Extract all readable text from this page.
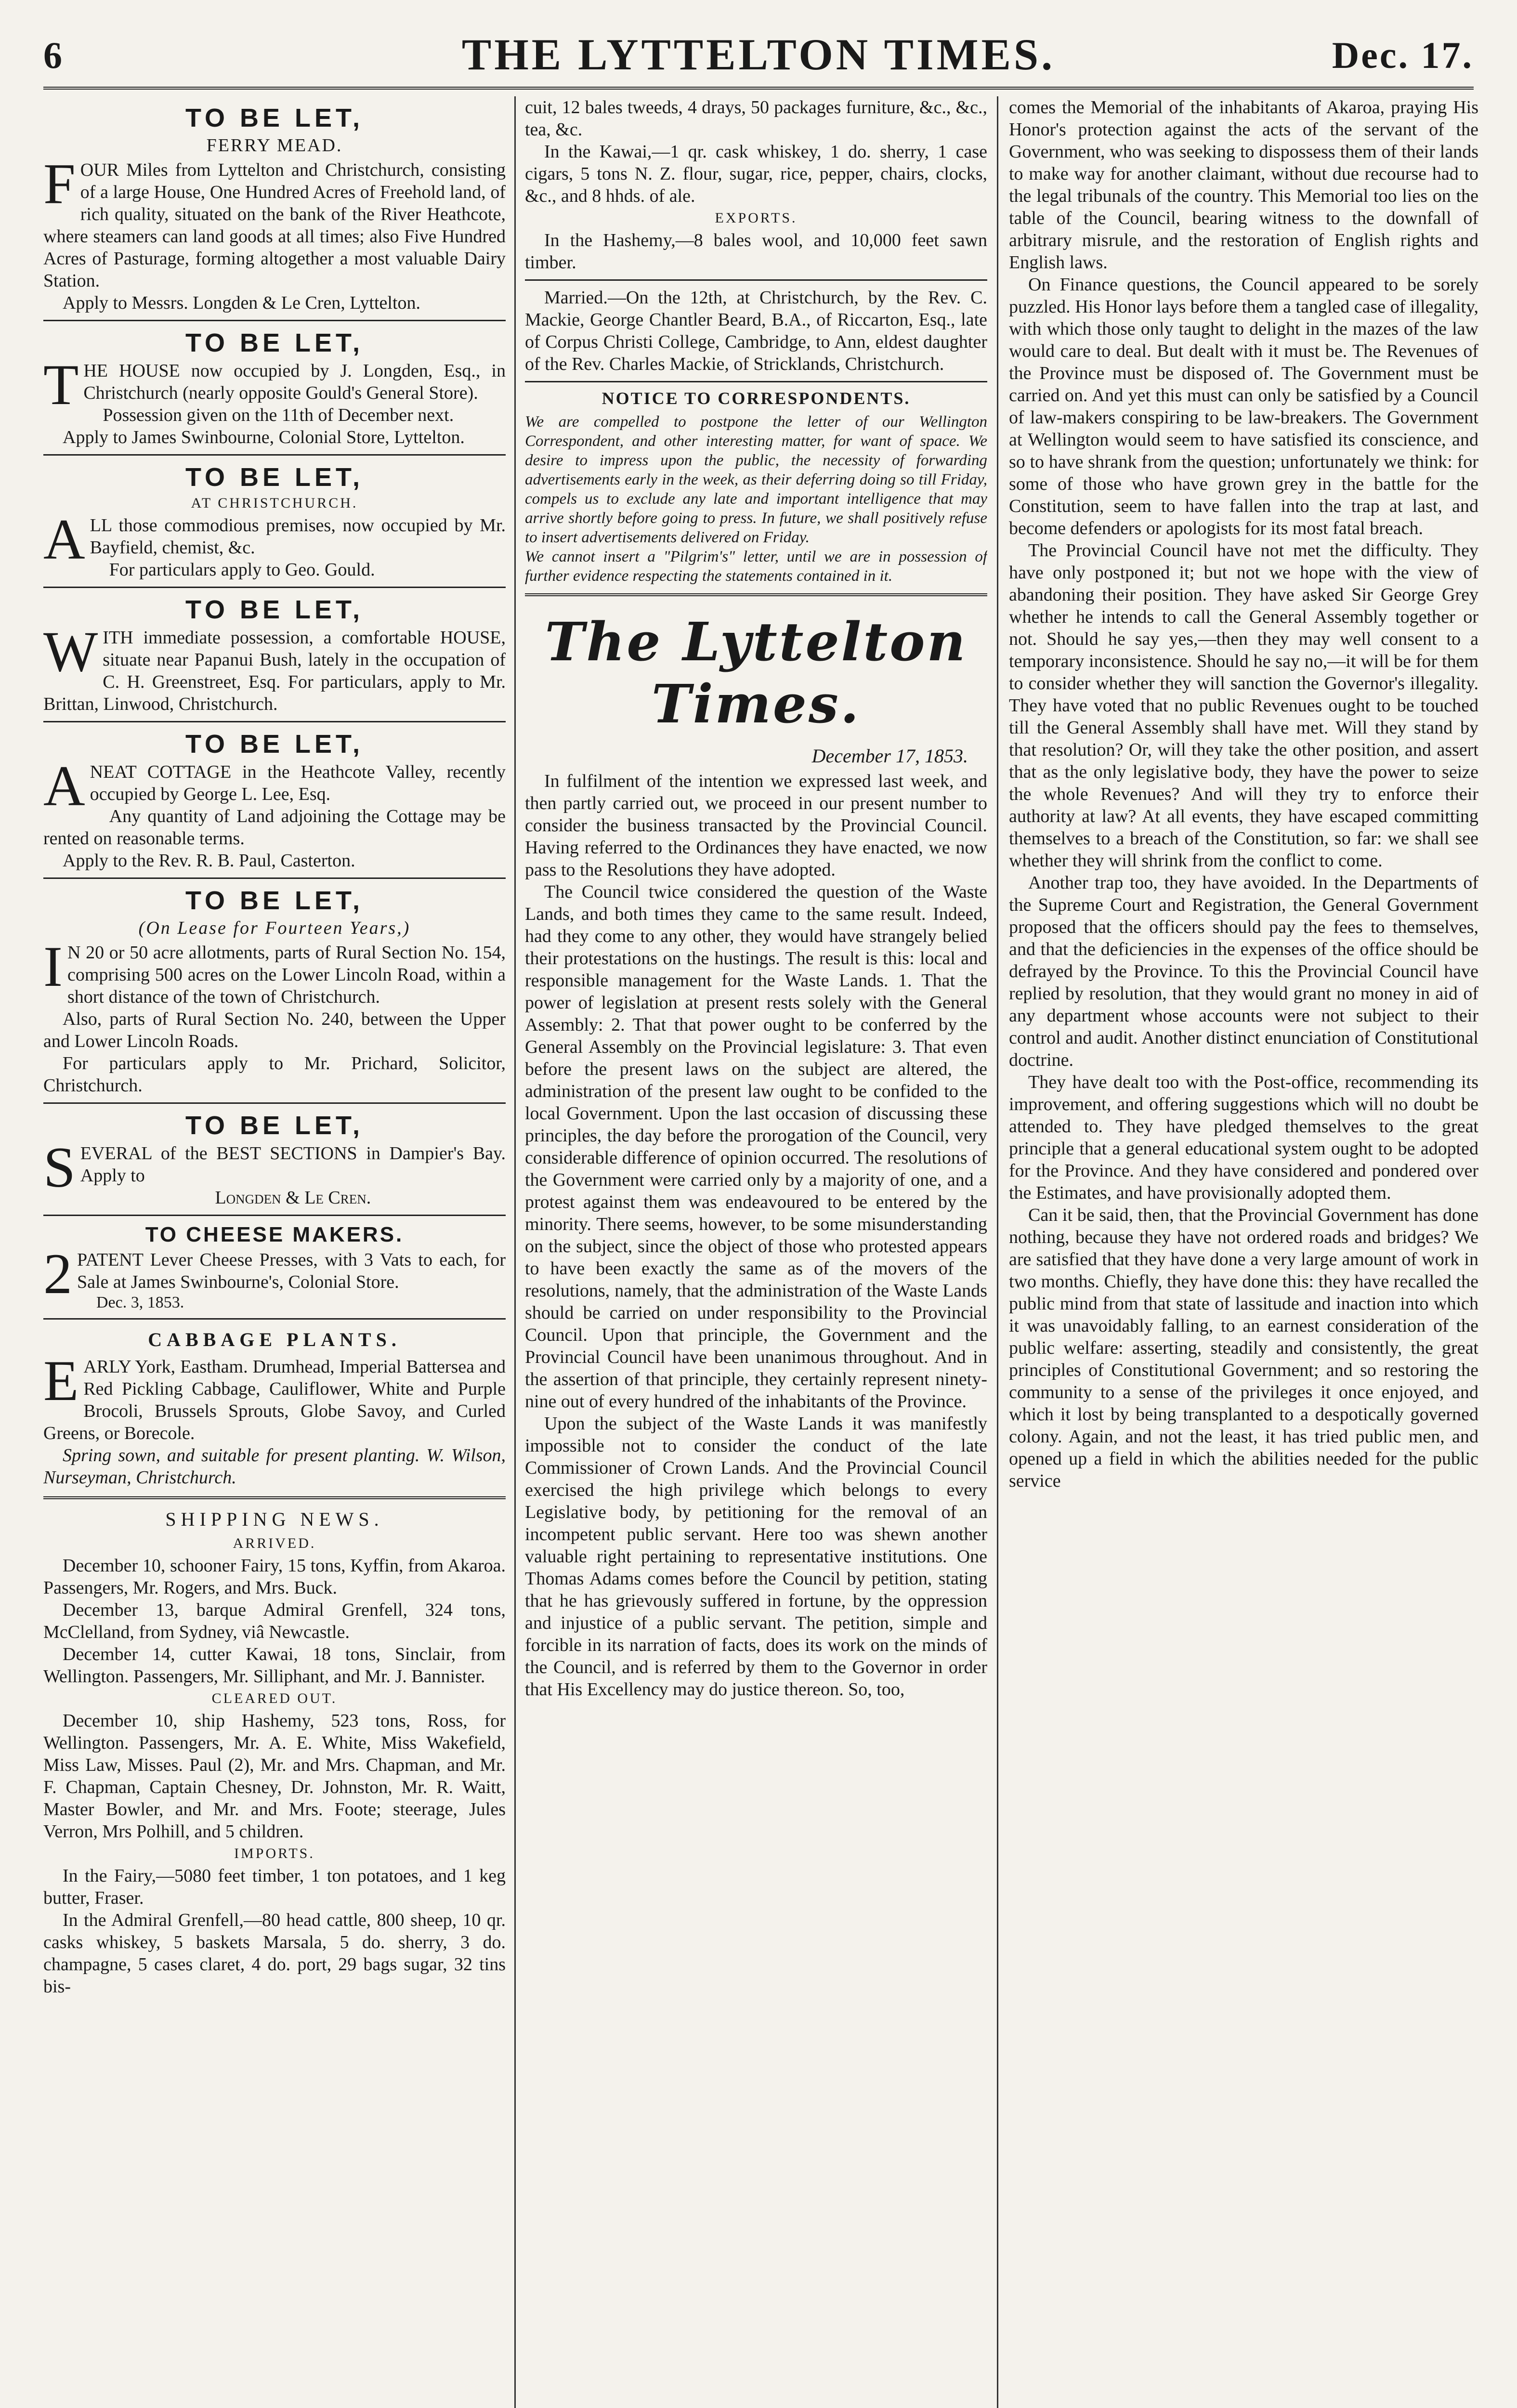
6	THE LYTTELTON TIMES.	Dec. 17.
TO BE LET,
FERRY MEAD.

FOUR Miles from Lyttelton and Christchurch, consisting of a large House, One Hundred Acres of Freehold land, of rich quality, situated on the bank of the River Heathcote, where steamers can land goods at all times; also Five Hundred Acres of Pasturage, forming altogether a most valuable Dairy Station.

Apply to Messrs. Longden & Le Cren, Lyttelton.

TO BE LET,

THE HOUSE now occupied by J. Longden, Esq., in Christchurch (nearly opposite Gould's General Store).

Possession given on the 11th of December next.

Apply to James Swinbourne, Colonial Store, Lyttelton.

TO BE LET,
AT CHRISTCHURCH.

ALL those commodious premises, now occupied by Mr. Bayfield, chemist, &c.

For particulars apply to Geo. Gould.

TO BE LET,

WITH immediate possession, a comfortable HOUSE, situate near Papanui Bush, lately in the occupation of C. H. Greenstreet, Esq. For particulars, apply to Mr. Brittan, Linwood, Christchurch.

TO BE LET,

ANEAT COTTAGE in the Heathcote Valley, recently occupied by George L. Lee, Esq.

Any quantity of Land adjoining the Cottage may be rented on reasonable terms.

Apply to the Rev. R. B. Paul, Casterton.

TO BE LET,
(On Lease for Fourteen Years,)

I N 20 or 50 acre allotments, parts of Rural Section No. 154, comprising 500 acres on the Lower Lincoln Road, within a short distance of the town of Christchurch.

Also, parts of Rural Section No. 240, between the Upper and Lower Lincoln Roads.

For particulars apply to Mr. Prichard, Solicitor, Christchurch.

TO BE LET,

SEVERAL of the BEST SECTIONS in Dampier's Bay. Apply to

Longden & Le Cren.

TO CHEESE MAKERS.

2 PATENT Lever Cheese Presses, with 3 Vats to each, for Sale at James Swinbourne's, Colonial Store.

Dec. 3, 1853.

CABBAGE PLANTS.

EARLY York, Eastham. Drumhead, Imperial Battersea and Red Pickling Cabbage, Cauliflower, White and Purple Brocoli, Brussels Sprouts, Globe Savoy, and Curled Greens, or Borecole.

Spring sown, and suitable for present planting. W. Wilson, Nurseyman, Christchurch.

SHIPPING NEWS.
ARRIVED.

December 10, schooner Fairy, 15 tons, Kyffin, from Akaroa. Passengers, Mr. Rogers, and Mrs. Buck.

December 13, barque Admiral Grenfell, 324 tons, McClelland, from Sydney, viâ Newcastle.

December 14, cutter Kawai, 18 tons, Sinclair, from Wellington. Passengers, Mr. Silliphant, and Mr. J. Bannister.

CLEARED OUT.

December 10, ship Hashemy, 523 tons, Ross, for Wellington. Passengers, Mr. A. E. White, Miss Wakefield, Miss Law, Misses. Paul (2), Mr. and Mrs. Chapman, and Mr. F. Chapman, Captain Chesney, Dr. Johnston, Mr. R. Waitt, Master Bowler, and Mr. and Mrs. Foote; steerage, Jules Verron, Mrs Polhill, and 5 children.

IMPORTS.

In the Fairy,—5080 feet timber, 1 ton potatoes, and 1 keg butter, Fraser.

In the Admiral Grenfell,—80 head cattle, 800 sheep, 10 qr. casks whiskey, 5 baskets Marsala, 5 do. sherry, 3 do. champagne, 5 cases claret, 4 do. port, 29 bags sugar, 32 tins bis-

cuit, 12 bales tweeds, 4 drays, 50 packages furniture, &c., &c., tea, &c.

In the Kawai,—1 qr. cask whiskey, 1 do. sherry, 1 case cigars, 5 tons N. Z. flour, sugar, rice, pepper, chairs, clocks, &c., and 8 hhds. of ale.

EXPORTS.

In the Hashemy,—8 bales wool, and 10,000 feet sawn timber.

Married.—On the 12th, at Christchurch, by the Rev. C. Mackie, George Chantler Beard, B.A., of Riccarton, Esq., late of Corpus Christi College, Cambridge, to Ann, eldest daughter of the Rev. Charles Mackie, of Stricklands, Christchurch.

NOTICE TO CORRESPONDENTS.

We are compelled to postpone the letter of our Wellington Correspondent, and other interesting matter, for want of space. We desire to impress upon the public, the necessity of forwarding advertisements early in the week, as their deferring doing so till Friday, compels us to exclude any late and important intelligence that may arrive shortly before going to press. In future, we shall positively refuse to insert advertisements delivered on Friday.

We cannot insert a "Pilgrim's" letter, until we are in possession of further evidence respecting the statements contained in it.

The Lyttelton Times.
December 17, 1853.

In fulfilment of the intention we expressed last week, and then partly carried out, we proceed in our present number to consider the business transacted by the Provincial Council. Having referred to the Ordinances they have enacted, we now pass to the Resolutions they have adopted.

The Council twice considered the question of the Waste Lands, and both times they came to the same result. Indeed, had they come to any other, they would have strangely belied their protestations on the hustings. The result is this: local and responsible management for the Waste Lands. 1. That the power of legislation at present rests solely with the General Assembly: 2. That that power ought to be conferred by the General Assembly on the Provincial legislature: 3. That even before the present laws on the subject are altered, the administration of the present law ought to be confided to the local Government. Upon the last occasion of discussing these principles, the day before the prorogation of the Council, very considerable difference of opinion occurred. The resolutions of the Government were carried only by a majority of one, and a protest against them was endeavoured to be entered by the minority. There seems, however, to be some misunderstanding on the subject, since the object of those who protested appears to have been exactly the same as of the movers of the resolutions, namely, that the administration of the Waste Lands should be carried on under responsibility to the Provincial Council. Upon that principle, the Government and the Provincial Council have been unanimous throughout. And in the assertion of that principle, they certainly represent ninety-nine out of every hundred of the inhabitants of the Province.

Upon the subject of the Waste Lands it was manifestly impossible not to consider the conduct of the late Commissioner of Crown Lands. And the Provincial Council exercised the high privilege which belongs to every Legislative body, by petitioning for the removal of an incompetent public servant. Here too was shewn another valuable right pertaining to representative institutions. One Thomas Adams comes before the Council by petition, stating that he has grievously suffered in fortune, by the oppression and injustice of a public servant. The petition, simple and forcible in its narration of facts, does its work on the minds of the Council, and is referred by them to the Governor in order that His Excellency may do justice thereon. So, too,

comes the Memorial of the inhabitants of Akaroa, praying His Honor's protection against the acts of the servant of the Government, who was seeking to dispossess them of their lands to make way for another claimant, without due recourse had to the legal tribunals of the country. This Memorial too lies on the table of the Council, bearing witness to the downfall of arbitrary misrule, and the restoration of English rights and English laws.

On Finance questions, the Council appeared to be sorely puzzled. His Honor lays before them a tangled case of illegality, with which those only taught to delight in the mazes of the law would care to deal. But dealt with it must be. The Revenues of the Province must be disposed of. The Government must be carried on. And yet this must can only be satisfied by a Council of law-makers conspiring to be law-breakers. The Government at Wellington would seem to have satisfied its conscience, and so to have shrank from the question; unfortunately we think: for some of those who have grown grey in the battle for the Constitution, seem to have fallen into the trap at last, and become defenders or apologists for its most fatal breach.

The Provincial Council have not met the difficulty. They have only postponed it; but not we hope with the view of abandoning their position. They have asked Sir George Grey whether he intends to call the General Assembly together or not. Should he say yes,—then they may well consent to a temporary inconsistence. Should he say no,—it will be for them to consider whether they will sanction the Governor's illegality. They have voted that no public Revenues ought to be touched till the General Assembly shall have met. Will they stand by that resolution? Or, will they take the other position, and assert that as the only legislative body, they have the power to seize the whole Revenues? And will they try to enforce their authority at law? At all events, they have escaped committing themselves to a breach of the Constitution, so far: we shall see whether they will shrink from the conflict to come.

Another trap too, they have avoided. In the Departments of the Supreme Court and Registration, the General Government proposed that the officers should pay the fees to themselves, and that the deficiencies in the expenses of the office should be defrayed by the Province. To this the Provincial Council have replied by resolution, that they would grant no money in aid of any department whose accounts were not subject to their control and audit. Another distinct enunciation of Constitutional doctrine.

They have dealt too with the Post-office, recommending its improvement, and offering suggestions which will no doubt be attended to. They have pledged themselves to the great principle that a general educational system ought to be adopted for the Province. And they have considered and pondered over the Estimates, and have provisionally adopted them.

Can it be said, then, that the Provincial Government has done nothing, because they have not ordered roads and bridges? We are satisfied that they have done a very large amount of work in two months. Chiefly, they have done this: they have recalled the public mind from that state of lassitude and inaction into which it was unavoidably falling, to an earnest consideration of the public welfare: asserting, steadily and consistently, the great principles of Constitutional Government; and so restoring the community to a sense of the privileges it once enjoyed, and which it lost by being transplanted to a despotically governed colony. Again, and not the least, it has tried public men, and opened up a field in which the abilities needed for the public service
